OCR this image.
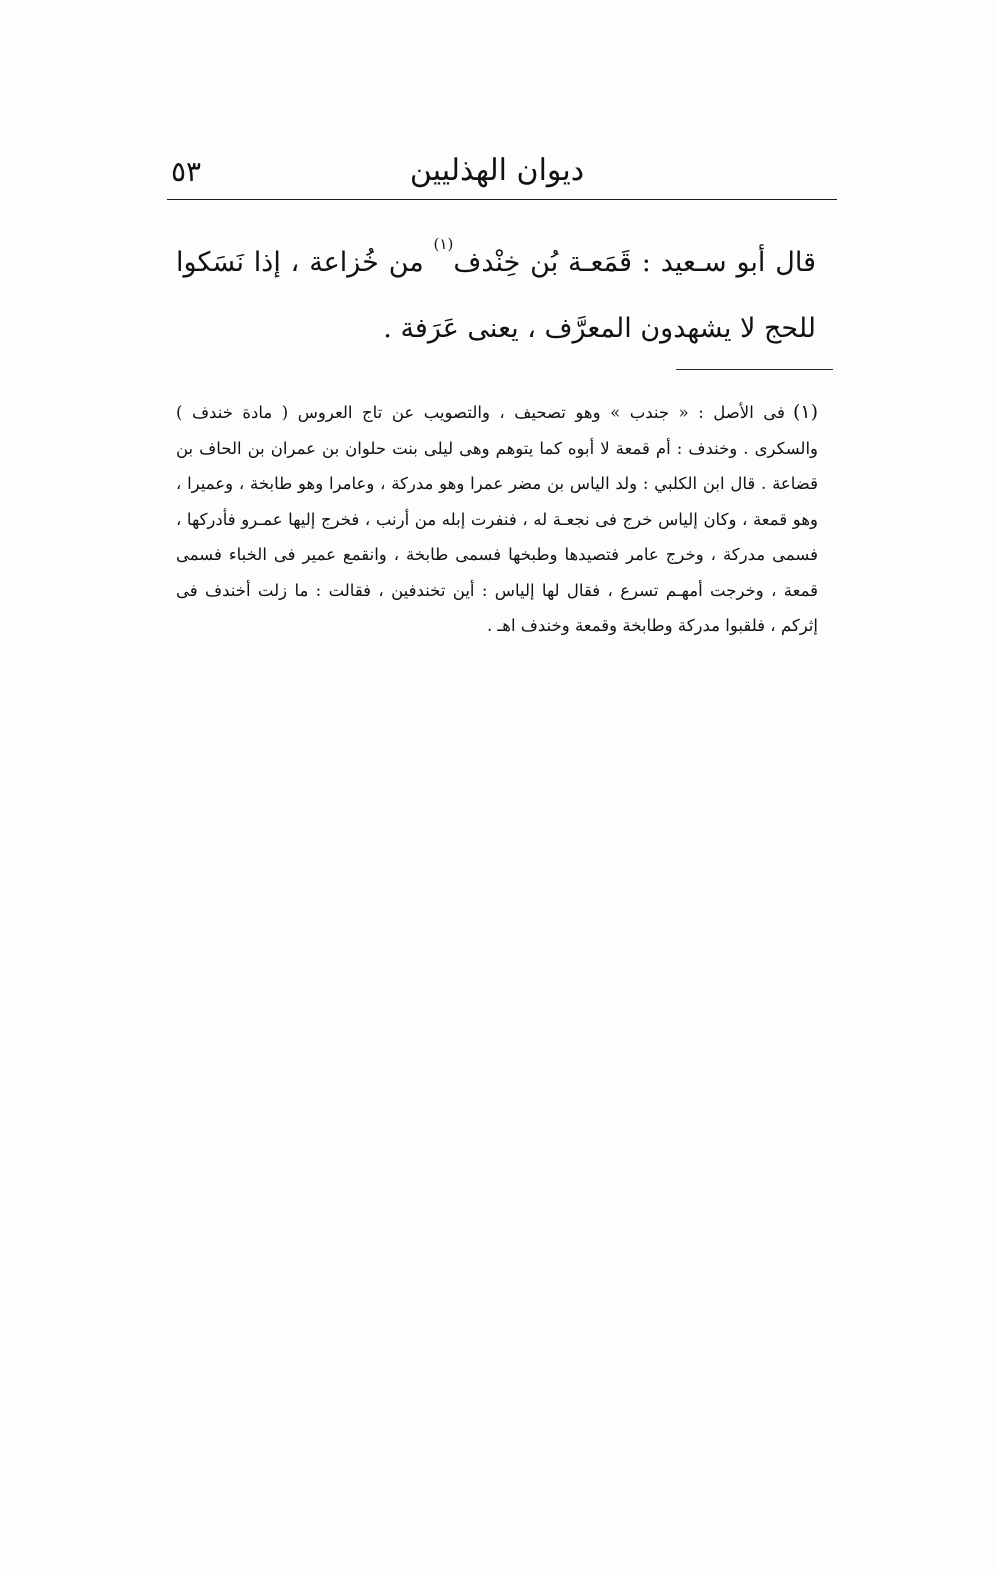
٥٣	ديوان الهذليين

قال أبو سـعيد : قَمَعـة بُن خِنْدف$^{(١)}$ من خُزاعة ، إذا نَسَكوا للحج لا يشهدون المعرَّف ، يعنى عَرَفة .

(١)فى الأصل : « جندب » وهو تصحيف ، والتصويب عن تاج العروس ( مادة خندف ) والسكرى . وخندف : أم قمعة لا أبوه كما يتوهم وهى ليلى بنت حلوان بن عمران بن الحاف بن قضاعة . قال ابن الكلبي : ولد الياس بن مضر عمرا وهو مدركة ، وعامرا وهو طابخة ، وعميرا ، وهو قمعة ، وكان إلياس خرج فى نجعـة له ، فنفرت إبله من أرنب ، فخرج إليها عمـرو فأدركها ، فسمى مدركة ، وخرج عامر فتصيدها وطبخها فسمى طابخة ، وانقمع عمير فى الخباء فسمى قمعة ، وخرجت أمهـم تسرع ، فقال لها إلياس : أين تخندفين ، فقالت : ما زلت أخندف فى إثركم ، فلقبوا مدركة وطابخة وقمعة وخندف اهـ .
